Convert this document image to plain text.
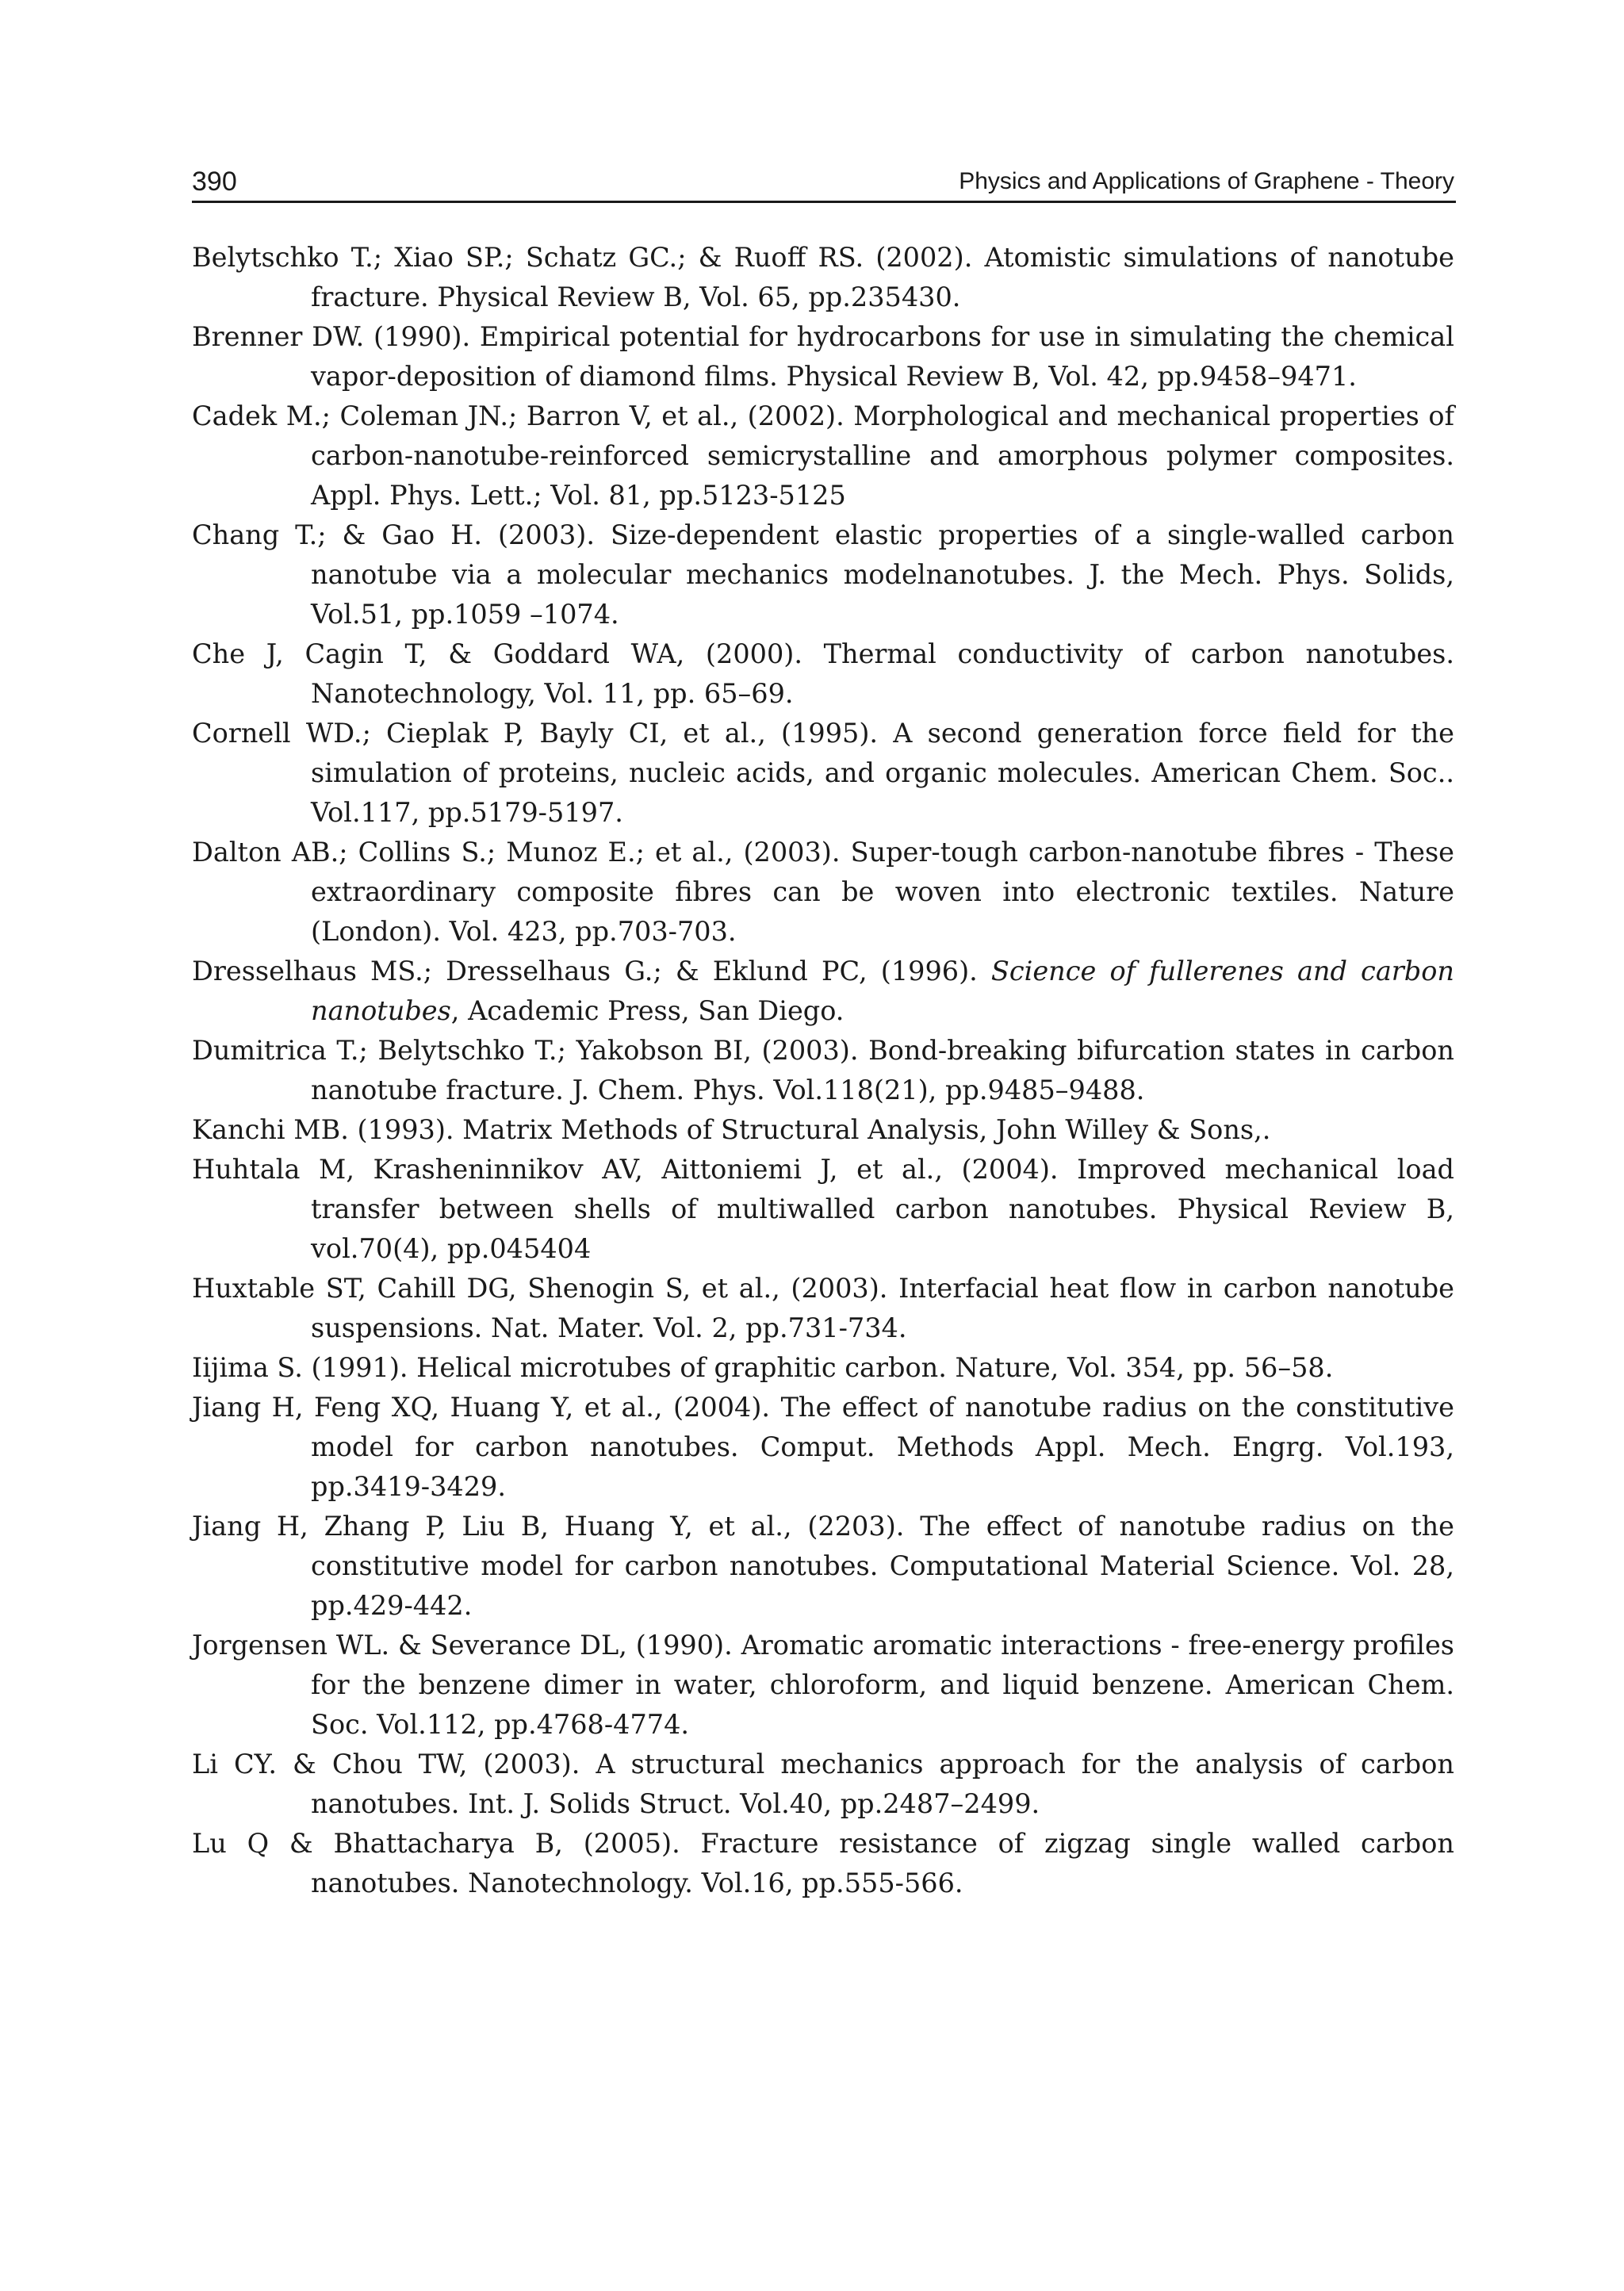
390	Physics and Applications of Graphene - Theory

Belytschko T.; Xiao SP.; Schatz GC.; & Ruoff RS. (2002). Atomistic simulations of nanotube fracture. Physical Review B, Vol. 65, pp.235430.

Brenner DW. (1990). Empirical potential for hydrocarbons for use in simulating the chemical vapor-deposition of diamond films. Physical Review B, Vol. 42, pp.9458–9471.

Cadek M.; Coleman JN.; Barron V, et al., (2002). Morphological and mechanical properties of carbon-nanotube-reinforced semicrystalline and amorphous polymer composites. Appl. Phys. Lett.; Vol. 81, pp.5123-5125

Chang T.; & Gao H. (2003). Size-dependent elastic properties of a single-walled carbon nanotube via a molecular mechanics modelnanotubes. J. the Mech. Phys. Solids, Vol.51, pp.1059 –1074.

Che J, Cagin T, & Goddard WA, (2000). Thermal conductivity of carbon nanotubes. Nanotechnology, Vol. 11, pp. 65–69.

Cornell WD.; Cieplak P, Bayly CI, et al., (1995). A second generation force field for the simulation of proteins, nucleic acids, and organic molecules. American Chem. Soc.. Vol.117, pp.5179-5197.

Dalton AB.; Collins S.; Munoz E.; et al., (2003). Super-tough carbon-nanotube fibres - These extraordinary composite fibres can be woven into electronic textiles. Nature (London). Vol. 423, pp.703-703.

Dresselhaus MS.; Dresselhaus G.; & Eklund PC, (1996). Science of fullerenes and carbon nanotubes, Academic Press, San Diego.

Dumitrica T.; Belytschko T.; Yakobson BI, (2003). Bond-breaking bifurcation states in carbon nanotube fracture. J. Chem. Phys. Vol.118(21), pp.9485–9488.

Kanchi MB. (1993). Matrix Methods of Structural Analysis, John Willey & Sons,.

Huhtala M, Krasheninnikov AV, Aittoniemi J, et al., (2004). Improved mechanical load transfer between shells of multiwalled carbon nanotubes. Physical Review B, vol.70(4), pp.045404

Huxtable ST, Cahill DG, Shenogin S, et al., (2003). Interfacial heat flow in carbon nanotube suspensions. Nat. Mater. Vol. 2, pp.731-734.

Iijima S. (1991). Helical microtubes of graphitic carbon. Nature, Vol. 354, pp. 56–58.

Jiang H, Feng XQ, Huang Y, et al., (2004). The effect of nanotube radius on the constitutive model for carbon nanotubes. Comput. Methods Appl. Mech. Engrg. Vol.193, pp.3419-3429.

Jiang H, Zhang P, Liu B, Huang Y, et al., (2203). The effect of nanotube radius on the constitutive model for carbon nanotubes. Computational Material Science. Vol. 28, pp.429-442.

Jorgensen WL. & Severance DL, (1990). Aromatic aromatic interactions - free-energy profiles for the benzene dimer in water, chloroform, and liquid benzene. American Chem. Soc. Vol.112, pp.4768-4774.

Li CY. & Chou TW, (2003). A structural mechanics approach for the analysis of carbon nanotubes. Int. J. Solids Struct. Vol.40, pp.2487–2499.

Lu Q & Bhattacharya B, (2005). Fracture resistance of zigzag single walled carbon nanotubes. Nanotechnology. Vol.16, pp.555-566.
